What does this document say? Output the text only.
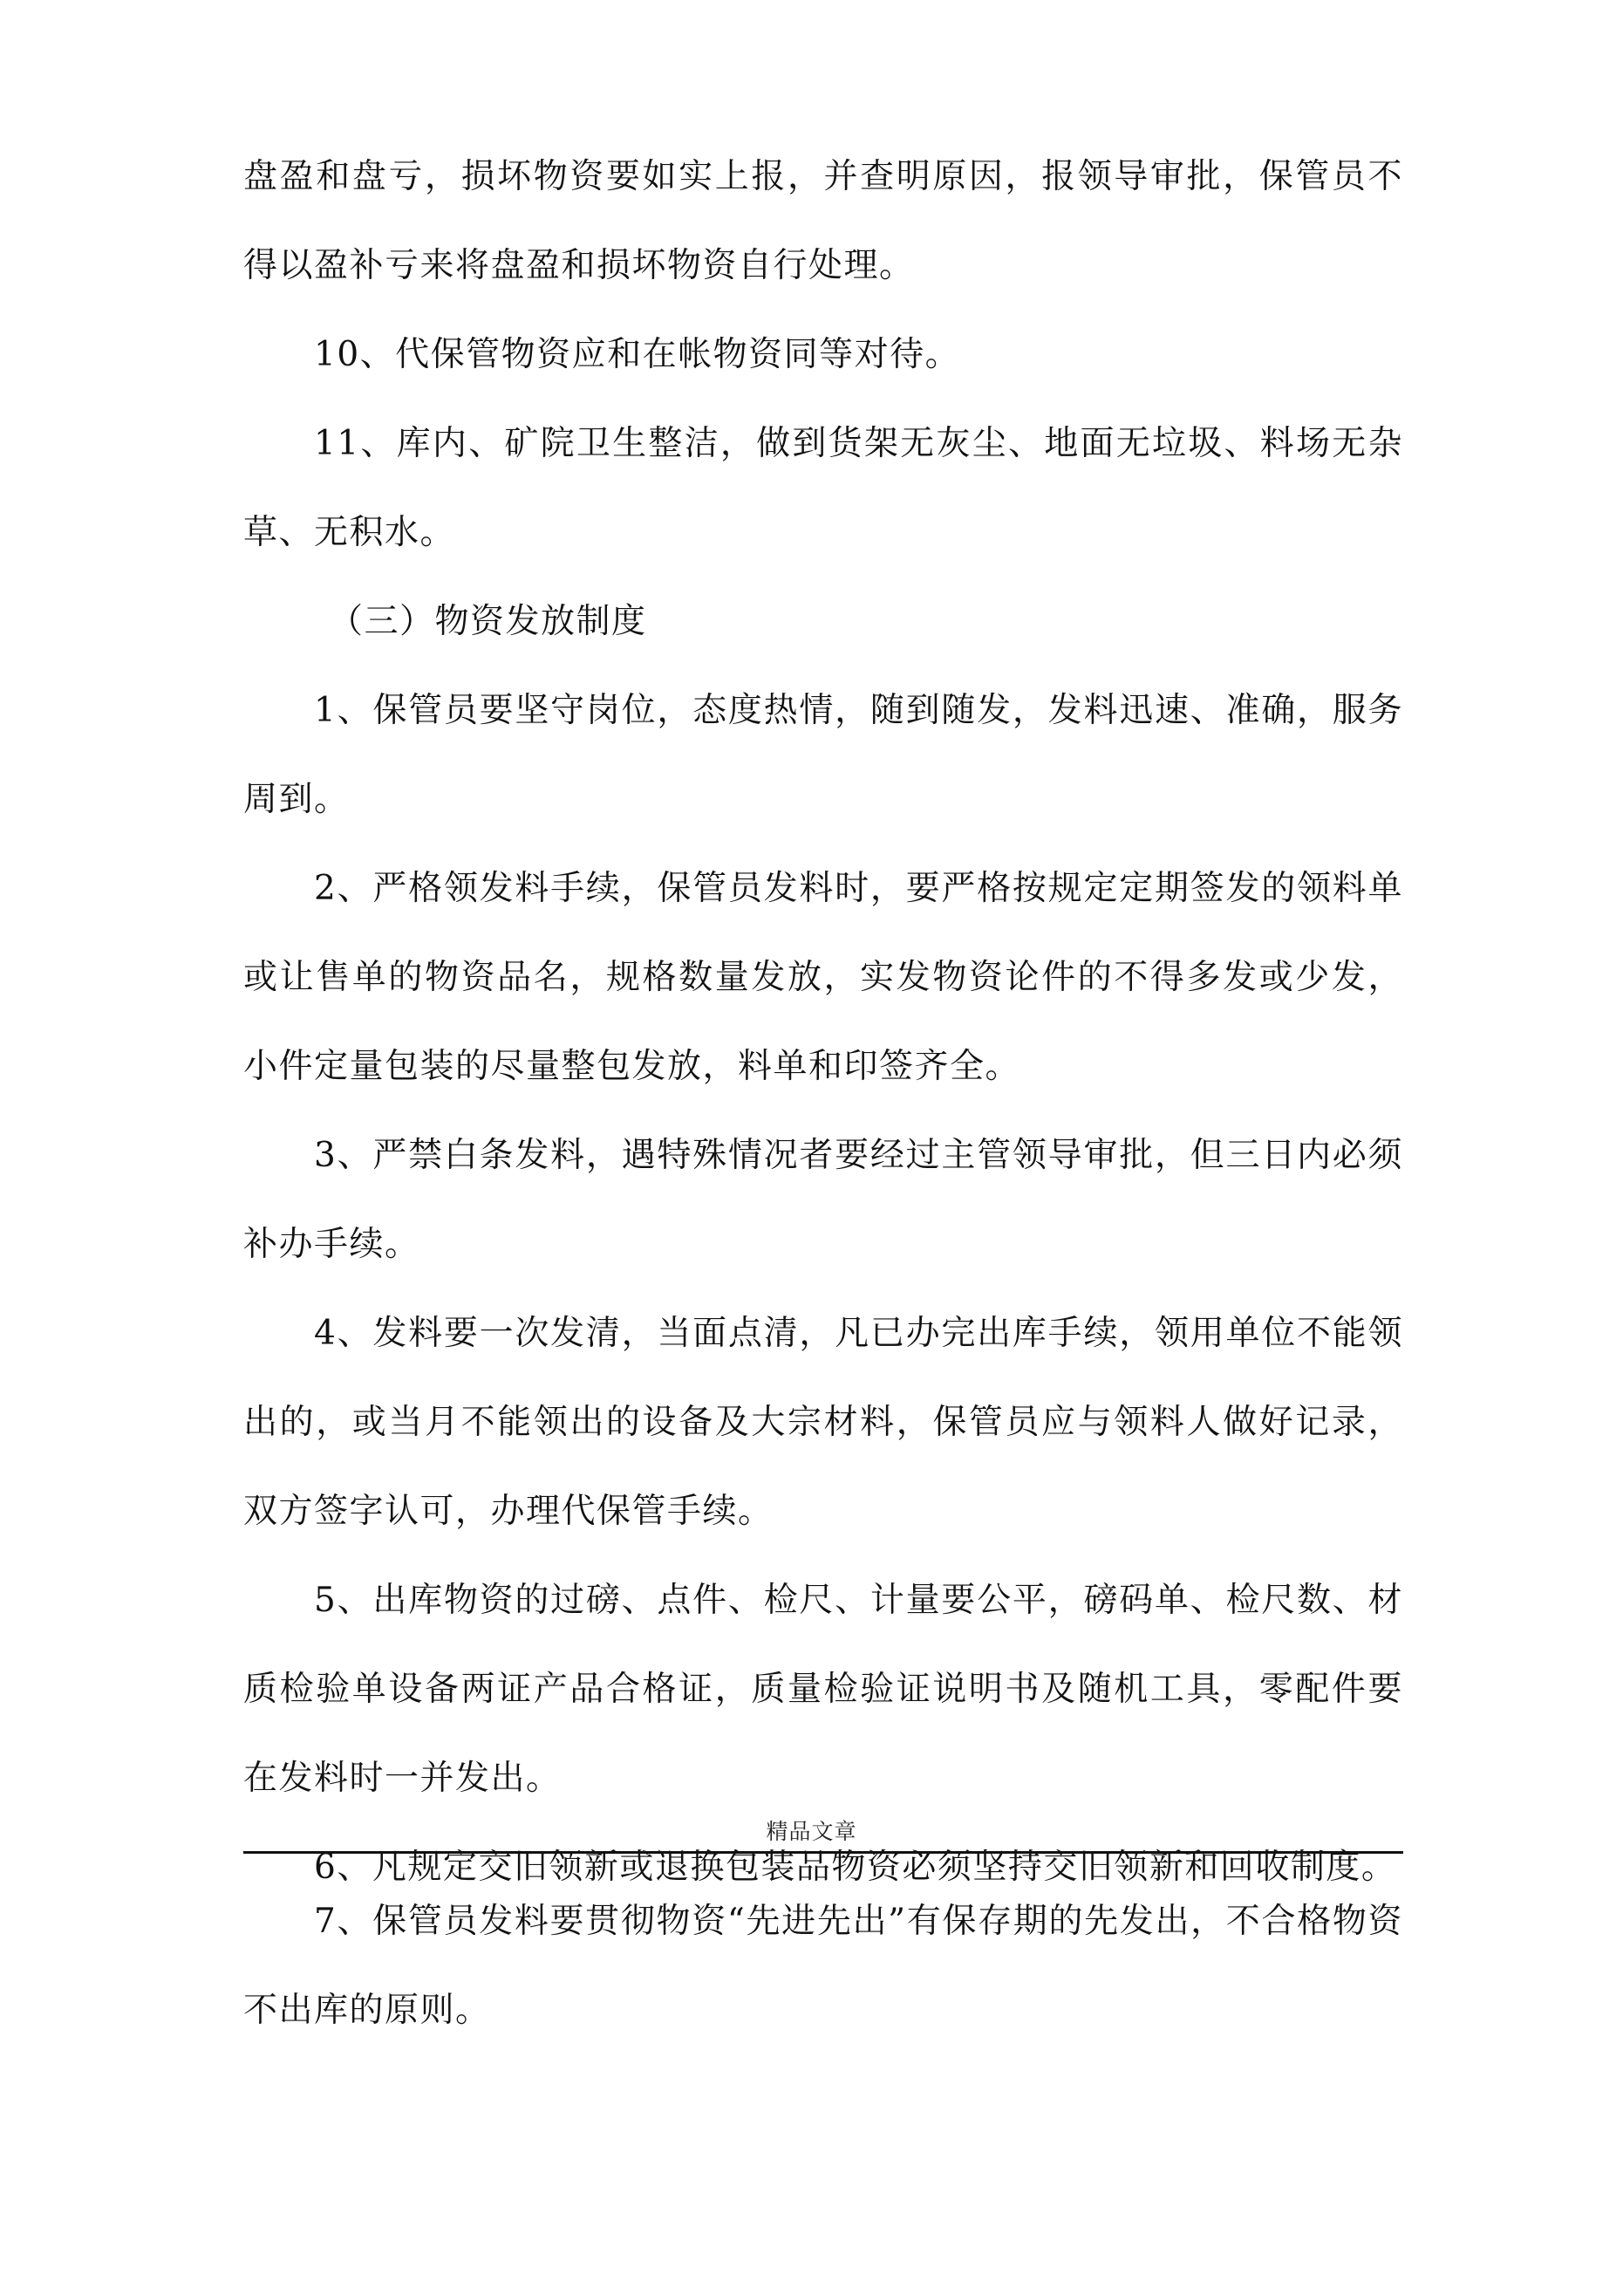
盘盈和盘亏，损坏物资要如实上报，并查明原因，报领导审批，保管员不得以盈补亏来将盘盈和损坏物资自行处理。

10、代保管物资应和在帐物资同等对待。

11、库内、矿院卫生整洁，做到货架无灰尘、地面无垃圾、料场无杂草、无积水。

（三）物资发放制度

1、保管员要坚守岗位，态度热情，随到随发，发料迅速、准确，服务周到。

2、严格领发料手续，保管员发料时，要严格按规定定期签发的领料单或让售单的物资品名，规格数量发放，实发物资论件的不得多发或少发，小件定量包装的尽量整包发放，料单和印签齐全。

3、严禁白条发料，遇特殊情况者要经过主管领导审批，但三日内必须补办手续。

4、发料要一次发清，当面点清，凡已办完出库手续，领用单位不能领出的，或当月不能领出的设备及大宗材料，保管员应与领料人做好记录，双方签字认可，办理代保管手续。

5、出库物资的过磅、点件、检尺、计量要公平，磅码单、检尺数、材质检验单设备两证产品合格证，质量检验证说明书及随机工具，零配件要在发料时一并发出。

6、凡规定交旧领新或退换包装品物资必须坚持交旧领新和回收制度。

精品文章

7、保管员发料要贯彻物资“先进先出”有保存期的先发出，不合格物资不出库的原则。
